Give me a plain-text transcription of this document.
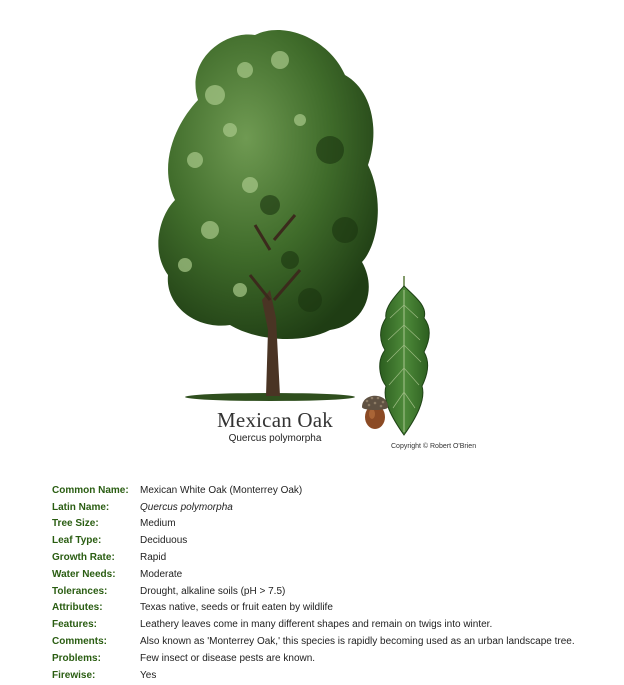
Mexican Oak
Quercus polymorpha
Copyright © Robert O'Brien
Common Name:	Mexican White Oak (Monterrey Oak)
Latin Name:	Quercus polymorpha
Tree Size:	Medium
Leaf Type:	Deciduous
Growth Rate:	Rapid
Water Needs:	Moderate
Tolerances:	Drought, alkaline soils (pH > 7.5)
Attributes:	Texas native, seeds or fruit eaten by wildlife
Features:	Leathery leaves come in many different shapes and remain on twigs into winter.
Comments:	Also known as 'Monterrey Oak,' this species is rapidly becoming used as an urban landscape tree.
Problems:	Few insect or disease pests are known.
Firewise:	Yes
